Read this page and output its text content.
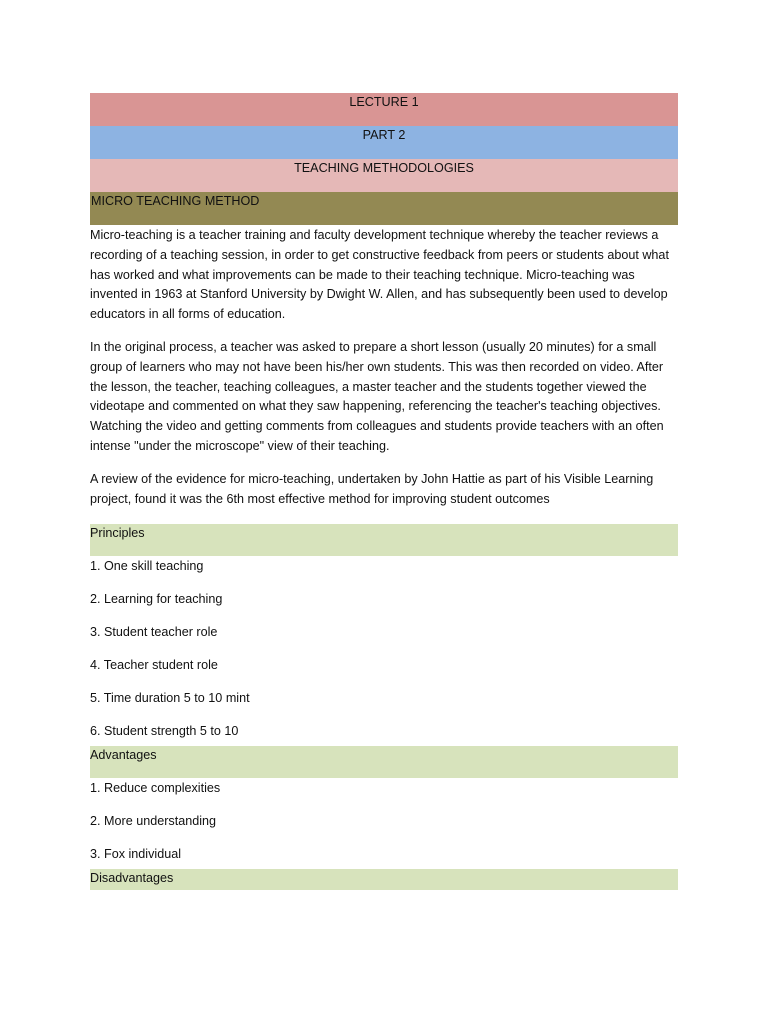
LECTURE 1
PART 2
TEACHING METHODOLOGIES
MICRO TEACHING METHOD

Micro-teaching is a teacher training and faculty development technique whereby the teacher reviews a recording of a teaching session, in order to get constructive feedback from peers or students about what has worked and what improvements can be made to their teaching technique. Micro-teaching was invented in 1963 at Stanford University by Dwight W. Allen, and has subsequently been used to develop educators in all forms of education.

In the original process, a teacher was asked to prepare a short lesson (usually 20 minutes) for a small group of learners who may not have been his/her own students. This was then recorded on video. After the lesson, the teacher, teaching colleagues, a master teacher and the students together viewed the videotape and commented on what they saw happening, referencing the teacher's teaching objectives. Watching the video and getting comments from colleagues and students provide teachers with an often intense "under the microscope" view of their teaching.

A review of the evidence for micro-teaching, undertaken by John Hattie as part of his Visible Learning project, found it was the 6th most effective method for improving student outcomes

Principles
1. One skill teaching
2. Learning for teaching
3. Student teacher role
4. Teacher student role
5. Time duration 5 to 10 mint
6. Student strength 5 to 10
Advantages
1. Reduce complexities
2. More understanding
3. Fox individual
Disadvantages
